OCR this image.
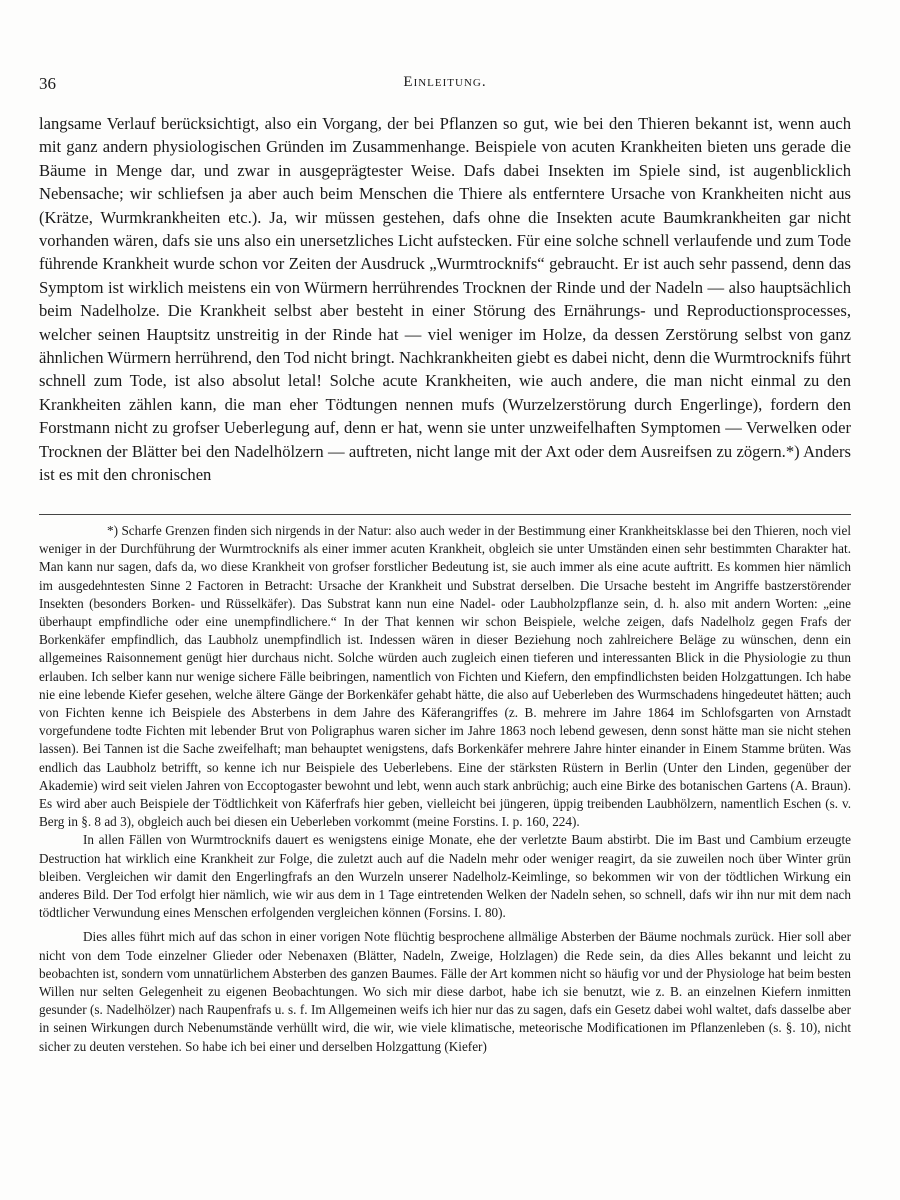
36	Einleitung.
langsame Verlauf berücksichtigt, also ein Vorgang, der bei Pflanzen so gut, wie bei den Thieren bekannt ist, wenn auch mit ganz andern physiologischen Gründen im Zusammenhange. Beispiele von acuten Krankheiten bieten uns gerade die Bäume in Menge dar, und zwar in ausgeprägtester Weise. Dafs dabei Insekten im Spiele sind, ist augenblicklich Nebensache; wir schliefsen ja aber auch beim Menschen die Thiere als entferntere Ursache von Krankheiten nicht aus (Krätze, Wurmkrankheiten etc.). Ja, wir müssen gestehen, dafs ohne die Insekten acute Baumkrankheiten gar nicht vorhanden wären, dafs sie uns also ein unersetzliches Licht aufstecken. Für eine solche schnell verlaufende und zum Tode führende Krankheit wurde schon vor Zeiten der Ausdruck „Wurmtrocknifs“ gebraucht. Er ist auch sehr passend, denn das Symptom ist wirklich meistens ein von Würmern herrührendes Trocknen der Rinde und der Nadeln — also hauptsächlich beim Nadelholze. Die Krankheit selbst aber besteht in einer Störung des Ernährungs- und Reproductionsprocesses, welcher seinen Hauptsitz unstreitig in der Rinde hat — viel weniger im Holze, da dessen Zerstörung selbst von ganz ähnlichen Würmern herrührend, den Tod nicht bringt. Nachkrankheiten giebt es dabei nicht, denn die Wurmtrocknifs führt schnell zum Tode, ist also absolut letal! Solche acute Krankheiten, wie auch andere, die man nicht einmal zu den Krankheiten zählen kann, die man eher Tödtungen nennen mufs (Wurzelzerstörung durch Engerlinge), fordern den Forstmann nicht zu grofser Ueberlegung auf, denn er hat, wenn sie unter unzweifelhaften Symptomen — Verwelken oder Trocknen der Blätter bei den Nadelhölzern — auftreten, nicht lange mit der Axt oder dem Ausreifsen zu zögern.*) Anders ist es mit den chronischen

*) Scharfe Grenzen finden sich nirgends in der Natur: also auch weder in der Bestimmung einer Krankheitsklasse bei den Thieren, noch viel weniger in der Durchführung der Wurmtrocknifs als einer immer acuten Krankheit, obgleich sie unter Umständen einen sehr bestimmten Charakter hat. Man kann nur sagen, dafs da, wo diese Krankheit von grofser forstlicher Bedeutung ist, sie auch immer als eine acute auftritt. Es kommen hier nämlich im ausgedehntesten Sinne 2 Factoren in Betracht: Ursache der Krankheit und Substrat derselben. Die Ursache besteht im Angriffe bastzerstörender Insekten (besonders Borken- und Rüsselkäfer). Das Substrat kann nun eine Nadel- oder Laubholzpflanze sein, d. h. also mit andern Worten: „eine überhaupt empfindliche oder eine unempfindlichere.“ In der That kennen wir schon Beispiele, welche zeigen, dafs Nadelholz gegen Frafs der Borkenkäfer empfindlich, das Laubholz unempfindlich ist. Indessen wären in dieser Beziehung noch zahlreichere Beläge zu wünschen, denn ein allgemeines Raisonnement genügt hier durchaus nicht. Solche würden auch zugleich einen tieferen und interessanten Blick in die Physiologie zu thun erlauben. Ich selber kann nur wenige sichere Fälle beibringen, namentlich von Fichten und Kiefern, den empfindlichsten beiden Holzgattungen. Ich habe nie eine lebende Kiefer gesehen, welche ältere Gänge der Borkenkäfer gehabt hätte, die also auf Ueberleben des Wurmschadens hingedeutet hätten; auch von Fichten kenne ich Beispiele des Absterbens in dem Jahre des Käferangriffes (z. B. mehrere im Jahre 1864 im Schlofsgarten von Arnstadt vorgefundene todte Fichten mit lebender Brut von Poligraphus waren sicher im Jahre 1863 noch lebend gewesen, denn sonst hätte man sie nicht stehen lassen). Bei Tannen ist die Sache zweifelhaft; man behauptet wenigstens, dafs Borkenkäfer mehrere Jahre hinter einander in Einem Stamme brüten. Was endlich das Laubholz betrifft, so kenne ich nur Beispiele des Ueberlebens. Eine der stärksten Rüstern in Berlin (Unter den Linden, gegenüber der Akademie) wird seit vielen Jahren von Eccoptogaster bewohnt und lebt, wenn auch stark anbrüchig; auch eine Birke des botanischen Gartens (A. Braun). Es wird aber auch Beispiele der Tödtlichkeit von Käferfrafs hier geben, vielleicht bei jüngeren, üppig treibenden Laubhölzern, namentlich Eschen (s. v. Berg in §. 8 ad 3), obgleich auch bei diesen ein Ueberleben vorkommt (meine Forstins. I. p. 160, 224).

In allen Fällen von Wurmtrocknifs dauert es wenigstens einige Monate, ehe der verletzte Baum abstirbt. Die im Bast und Cambium erzeugte Destruction hat wirklich eine Krankheit zur Folge, die zuletzt auch auf die Nadeln mehr oder weniger reagirt, da sie zuweilen noch über Winter grün bleiben. Vergleichen wir damit den Engerlingfrafs an den Wurzeln unserer Nadelholz-Keimlinge, so bekommen wir von der tödtlichen Wirkung ein anderes Bild. Der Tod erfolgt hier nämlich, wie wir aus dem in 1 Tage eintretenden Welken der Nadeln sehen, so schnell, dafs wir ihn nur mit dem nach tödtlicher Verwundung eines Menschen erfolgenden vergleichen können (Forsins. I. 80).

Dies alles führt mich auf das schon in einer vorigen Note flüchtig besprochene allmälige Absterben der Bäume nochmals zurück. Hier soll aber nicht von dem Tode einzelner Glieder oder Nebenaxen (Blätter, Nadeln, Zweige, Holzlagen) die Rede sein, da dies Alles bekannt und leicht zu beobachten ist, sondern vom unnatürlichem Absterben des ganzen Baumes. Fälle der Art kommen nicht so häufig vor und der Physiologe hat beim besten Willen nur selten Gelegenheit zu eigenen Beobachtungen. Wo sich mir diese darbot, habe ich sie benutzt, wie z. B. an einzelnen Kiefern inmitten gesunder (s. Nadelhölzer) nach Raupenfrafs u. s. f. Im Allgemeinen weifs ich hier nur das zu sagen, dafs ein Gesetz dabei wohl waltet, dafs dasselbe aber in seinen Wirkungen durch Nebenumstände verhüllt wird, die wir, wie viele klimatische, meteorische Modificationen im Pflanzenleben (s. §. 10), nicht sicher zu deuten verstehen. So habe ich bei einer und derselben Holzgattung (Kiefer)
